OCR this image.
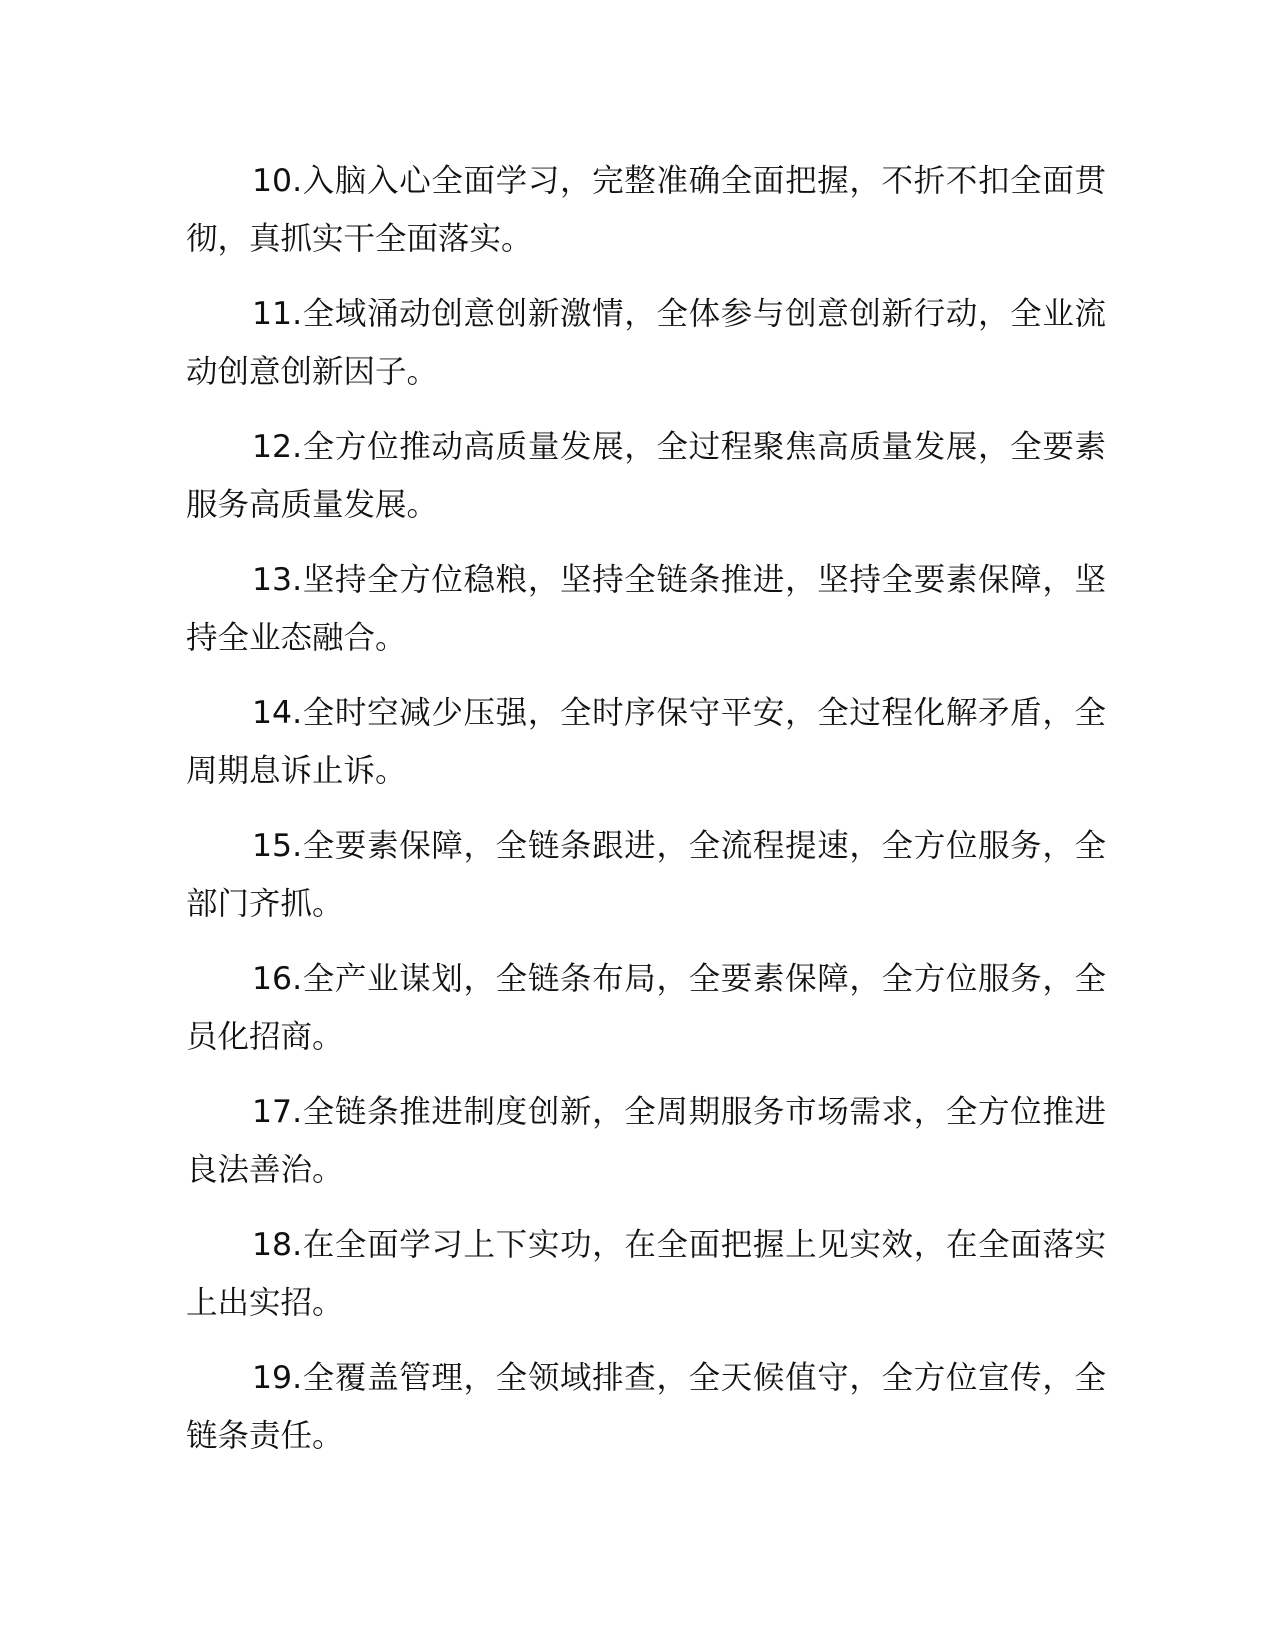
10.入脑入心全面学习，完整准确全面把握，不折不扣全面贯彻，真抓实干全面落实。

11.全域涌动创意创新激情，全体参与创意创新行动，全业流动创意创新因子。

12.全方位推动高质量发展，全过程聚焦高质量发展，全要素服务高质量发展。

13.坚持全方位稳粮，坚持全链条推进，坚持全要素保障，坚持全业态融合。

14.全时空减少压强，全时序保守平安，全过程化解矛盾，全周期息诉止诉。

15.全要素保障，全链条跟进，全流程提速，全方位服务，全部门齐抓。

16.全产业谋划，全链条布局，全要素保障，全方位服务，全员化招商。

17.全链条推进制度创新，全周期服务市场需求，全方位推进良法善治。

18.在全面学习上下实功，在全面把握上见实效，在全面落实上出实招。

19.全覆盖管理，全领域排查，全天候值守，全方位宣传，全链条责任。
